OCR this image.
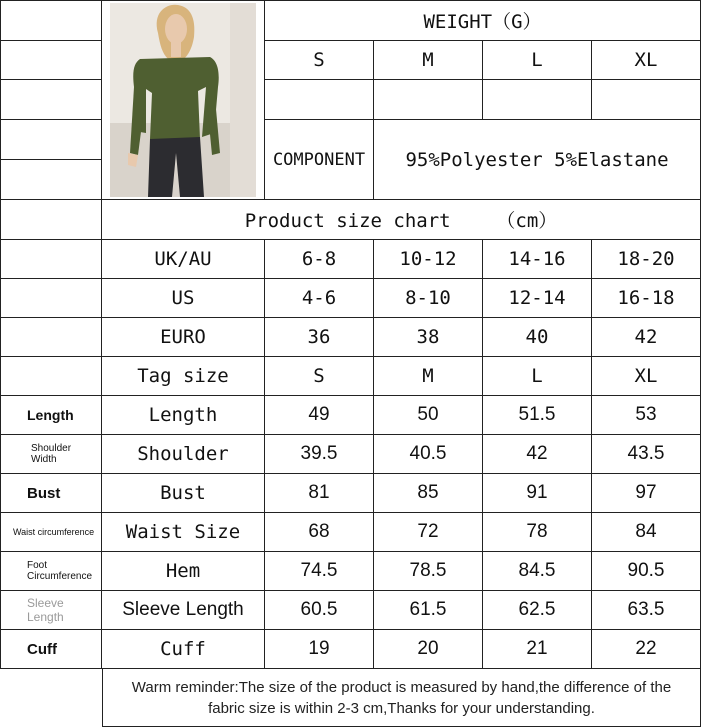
WEIGHT（G）
S	M	L	XL
COMPONENT	95%Polyester 5%Elastane
Product size chart    （cm）
UK/AU	6-8	10-12	14-16	18-20
US	4-6	8-10	12-14	16-18
EURO	36	38	40	42
Tag size	S	M	L	XL
Length	Length	49	50	51.5	53
Shoulder Width	Shoulder	39.5	40.5	42	43.5
Bust	Bust	81	85	91	97
Waist circumference	Waist Size	68	72	78	84
Foot Circumference	Hem	74.5	78.5	84.5	90.5
Sleeve Length	Sleeve Length	60.5	61.5	62.5	63.5
Cuff	Cuff	19	20	21	22
Warm reminder:The size of the product is measured by hand,the difference of the fabric size is within 2-3 cm,Thanks for your understanding.
